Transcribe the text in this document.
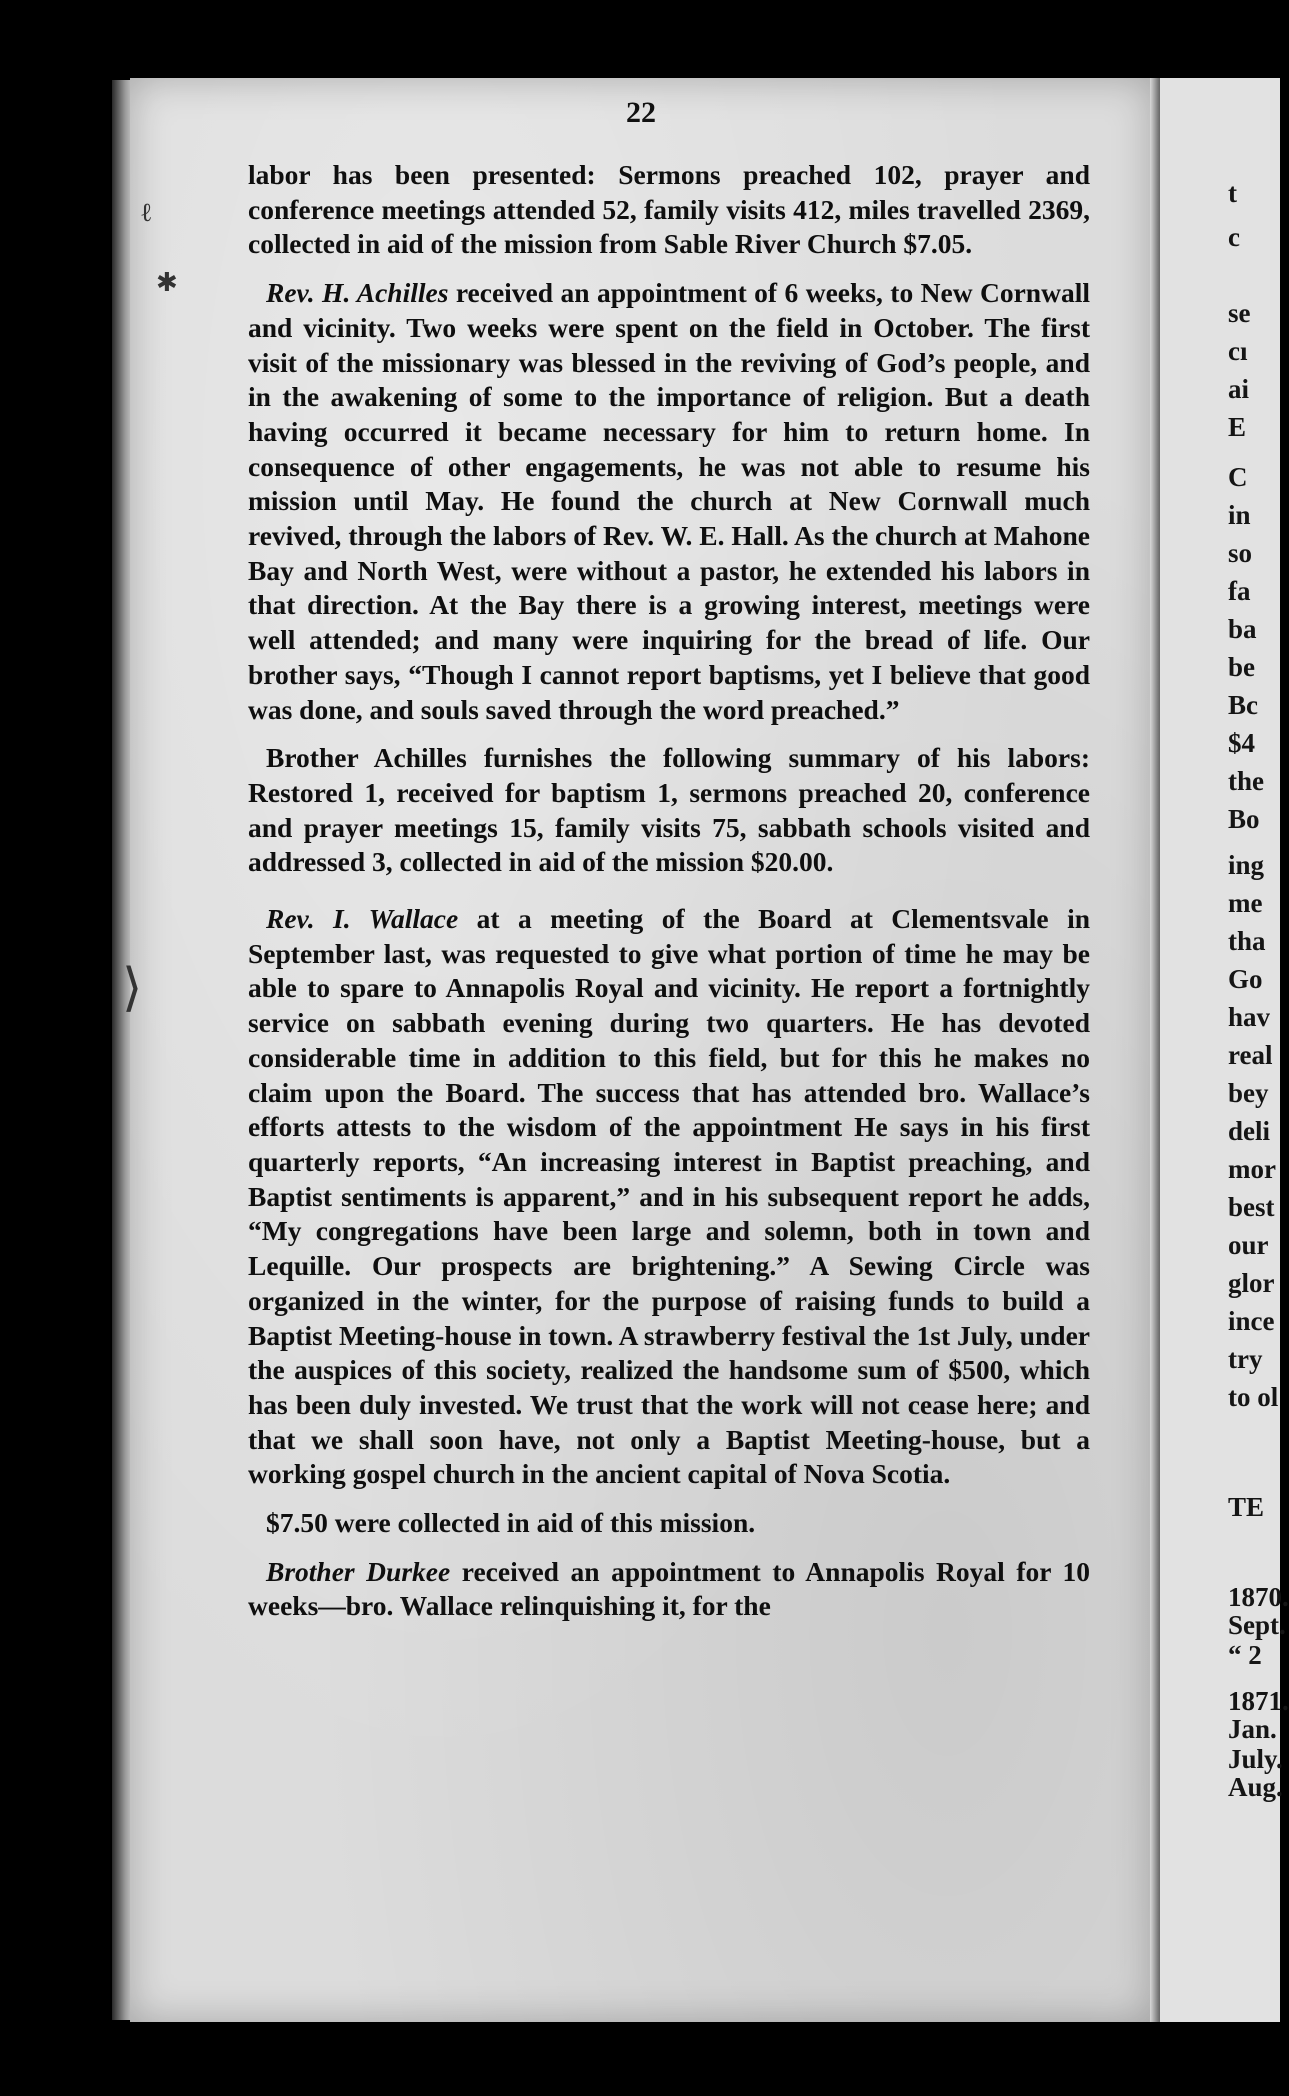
22

labor has been presented: Sermons preached 102, prayer and conference meetings attended 52, family visits 412, miles travelled 2369, collected in aid of the mission from Sable River Church $7.05.

Rev. H. Achilles received an appointment of 6 weeks, to New Cornwall and vicinity. Two weeks were spent on the field in October. The first visit of the missionary was blessed in the reviving of God’s people, and in the awakening of some to the importance of religion. But a death having occurred it became necessary for him to return home. In consequence of other engagements, he was not able to resume his mission until May. He found the church at New Cornwall much revived, through the labors of Rev. W. E. Hall. As the church at Mahone Bay and North West, were without a pastor, he extended his labors in that direction. At the Bay there is a growing interest, meetings were well attended; and many were inquiring for the bread of life. Our brother says, “Though I cannot report baptisms, yet I believe that good was done, and souls saved through the word preached.”

Brother Achilles furnishes the following summary of his labors: Restored 1, received for baptism 1, sermons preached 20, conference and prayer meetings 15, family visits 75, sabbath schools visited and addressed 3, collected in aid of the mission $20.00.

Rev. I. Wallace at a meeting of the Board at Clementsvale in September last, was requested to give what portion of time he may be able to spare to Annapolis Royal and vicinity. He report a fortnightly service on sabbath evening during two quarters. He has devoted considerable time in addition to this field, but for this he makes no claim upon the Board. The success that has attended bro. Wallace’s efforts attests to the wisdom of the appointment He says in his first quarterly reports, “An increasing interest in Baptist preaching, and Baptist sentiments is apparent,” and in his subsequent report he adds, “My congregations have been large and solemn, both in town and Lequille. Our prospects are brightening.” A Sewing Circle was organized in the winter, for the purpose of raising funds to build a Baptist Meeting-house in town. A strawberry festival the 1st July, under the auspices of this society, realized the handsome sum of $500, which has been duly invested. We trust that the work will not cease here; and that we shall soon have, not only a Baptist Meeting-house, but a working gospel church in the ancient capital of Nova Scotia.

$7.50 were collected in aid of this mission.

Brother Durkee received an appointment to Annapolis Royal for 10 weeks—bro. Wallace relinquishing it, for the

ℓ
✱
⟩
t
c
se
cı
ai
E
C
in
so
fa
ba
be
Bc
$4
the
Bo
ing
me
tha
Go
hav
real
bey
deli
mor
best
our
glor
ince
try
to ol
TE
1870.
Sept.
“ 2
1871.
Jan.
July.
Aug.
